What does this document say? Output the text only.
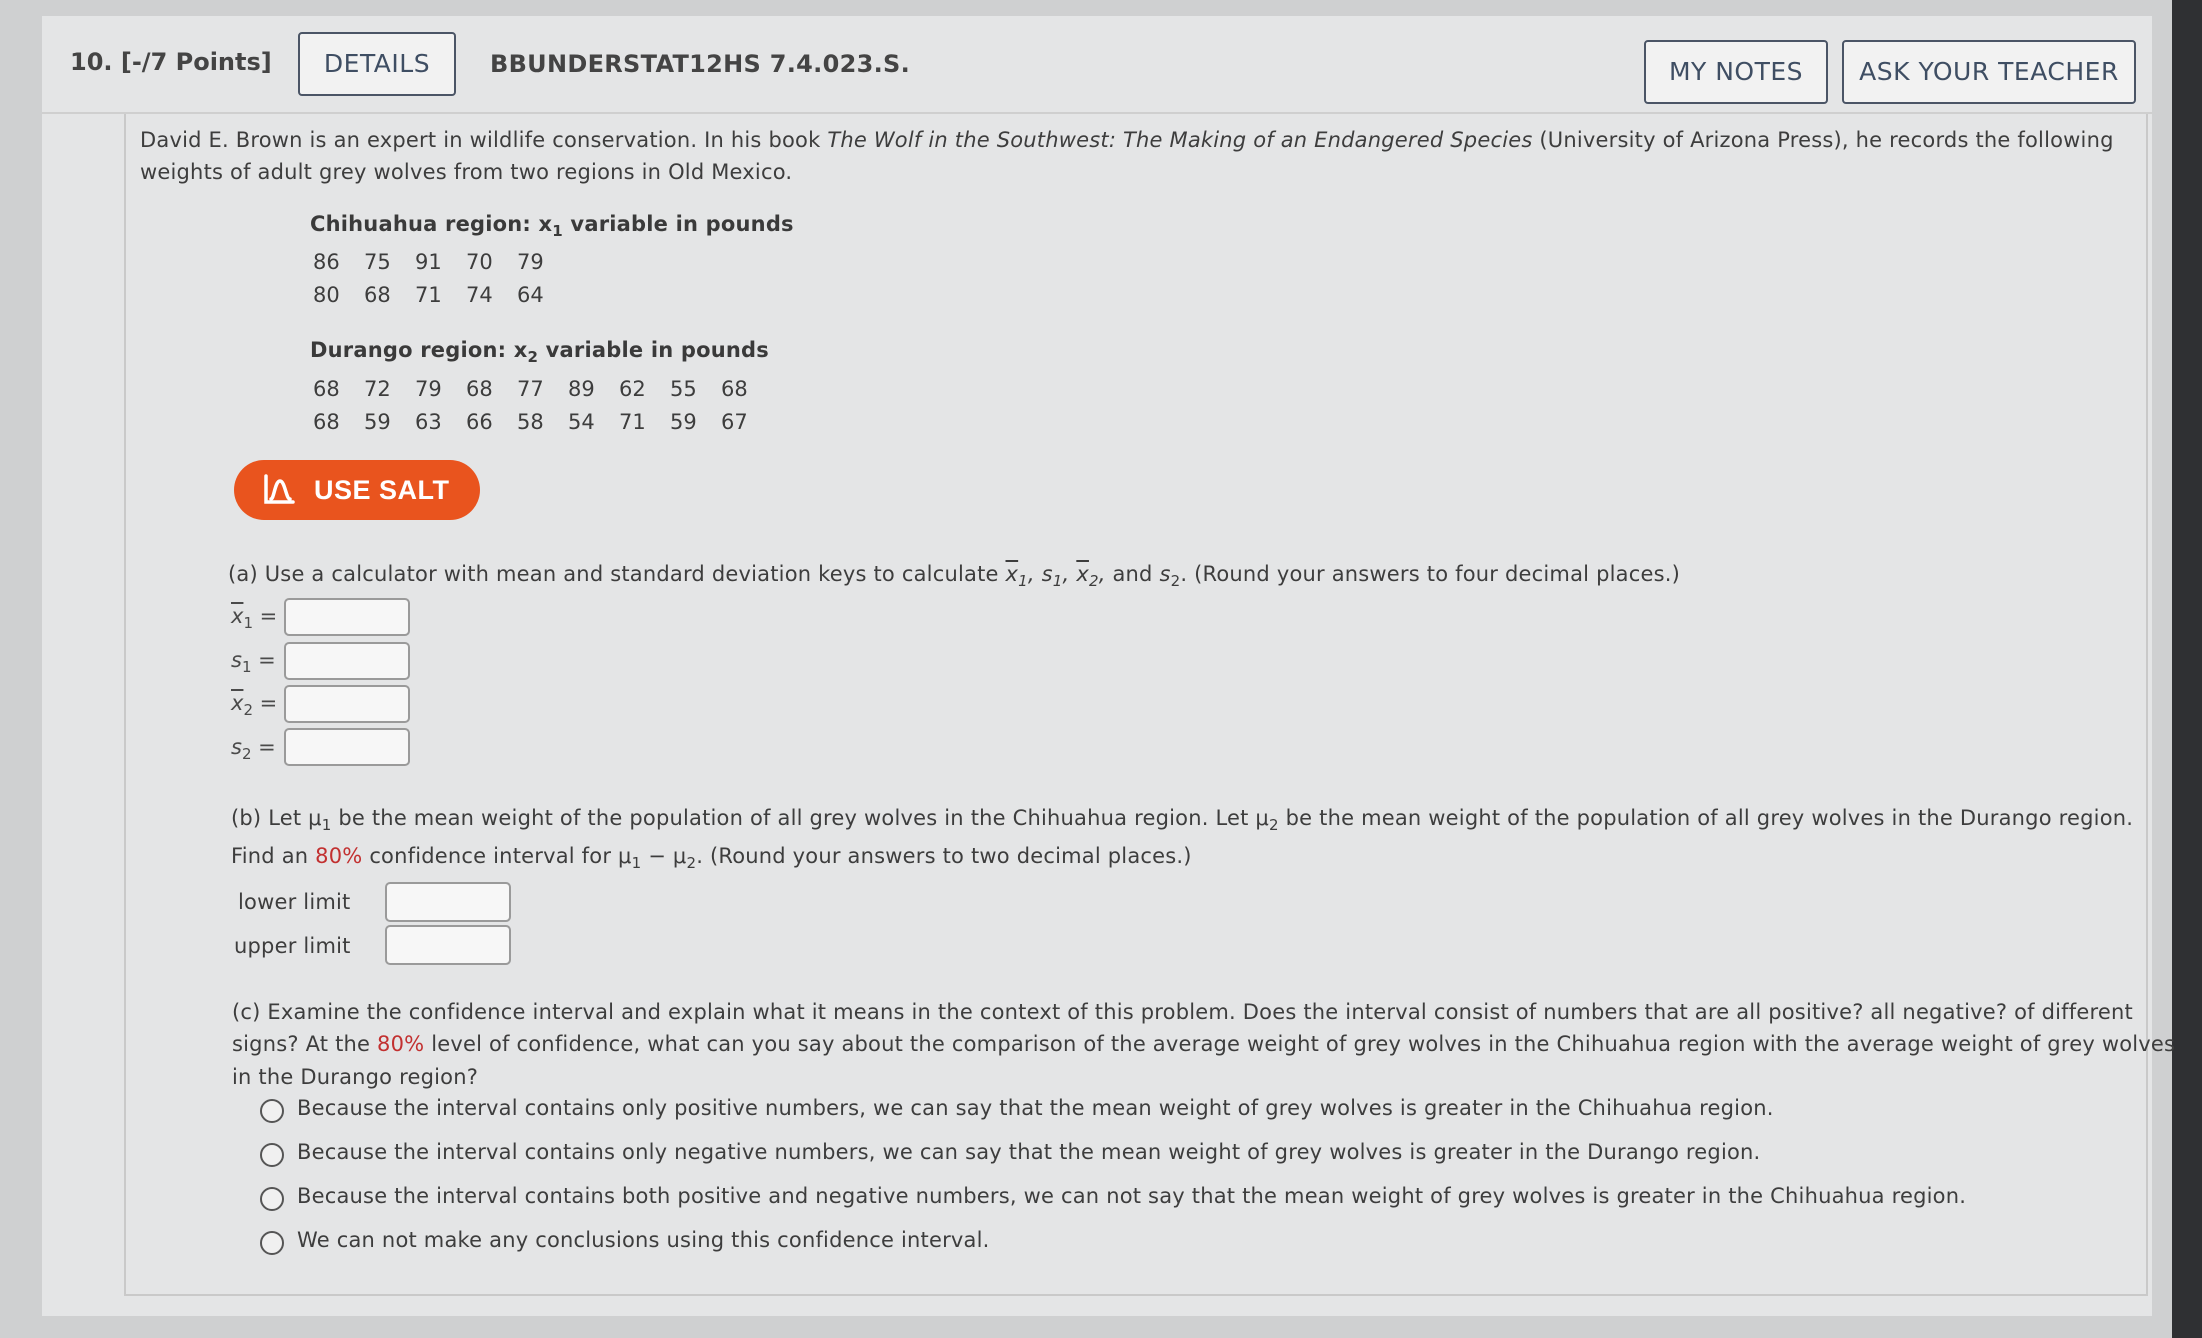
10. [-/7 Points]	DETAILS	BBUNDERSTAT12HS 7.4.023.S.	MY NOTES	ASK YOUR TEACHER
David E. Brown is an expert in wildlife conservation. In his book The Wolf in the Southwest: The Making of an Endangered Species (University of Arizona Press), he records the following
weights of adult grey wolves from two regions in Old Mexico.
Chihuahua region: $x_1$ variable in pounds
86	75	91	70	79
80	68	71	74	64
Durango region: $x_2$ variable in pounds
68	72	79	68	77	89	62	55	68
68	59	63	66	58	54	71	59	67
USE SALT
(a) Use a calculator with mean and standard deviation keys to calculate $\overline{x}_1$, $s_1$, $\overline{x}_2$, and $s_2$. (Round your answers to four decimal places.)
$\overline{x}_1$ =
$s_1$ =
$\overline{x}_2$ =
$s_2$ =
(b) Let $\mu_1$ be the mean weight of the population of all grey wolves in the Chihuahua region. Let $\mu_2$ be the mean weight of the population of all grey wolves in the Durango region.
Find an 80% confidence interval for $\mu_1 - \mu_2$. (Round your answers to two decimal places.)
lower limit
upper limit
(c) Examine the confidence interval and explain what it means in the context of this problem. Does the interval consist of numbers that are all positive? all negative? of different
signs? At the 80% level of confidence, what can you say about the comparison of the average weight of grey wolves in the Chihuahua region with the average weight of grey wolves
in the Durango region?
Because the interval contains only positive numbers, we can say that the mean weight of grey wolves is greater in the Chihuahua region.
Because the interval contains only negative numbers, we can say that the mean weight of grey wolves is greater in the Durango region.
Because the interval contains both positive and negative numbers, we can not say that the mean weight of grey wolves is greater in the Chihuahua region.
We can not make any conclusions using this confidence interval.
